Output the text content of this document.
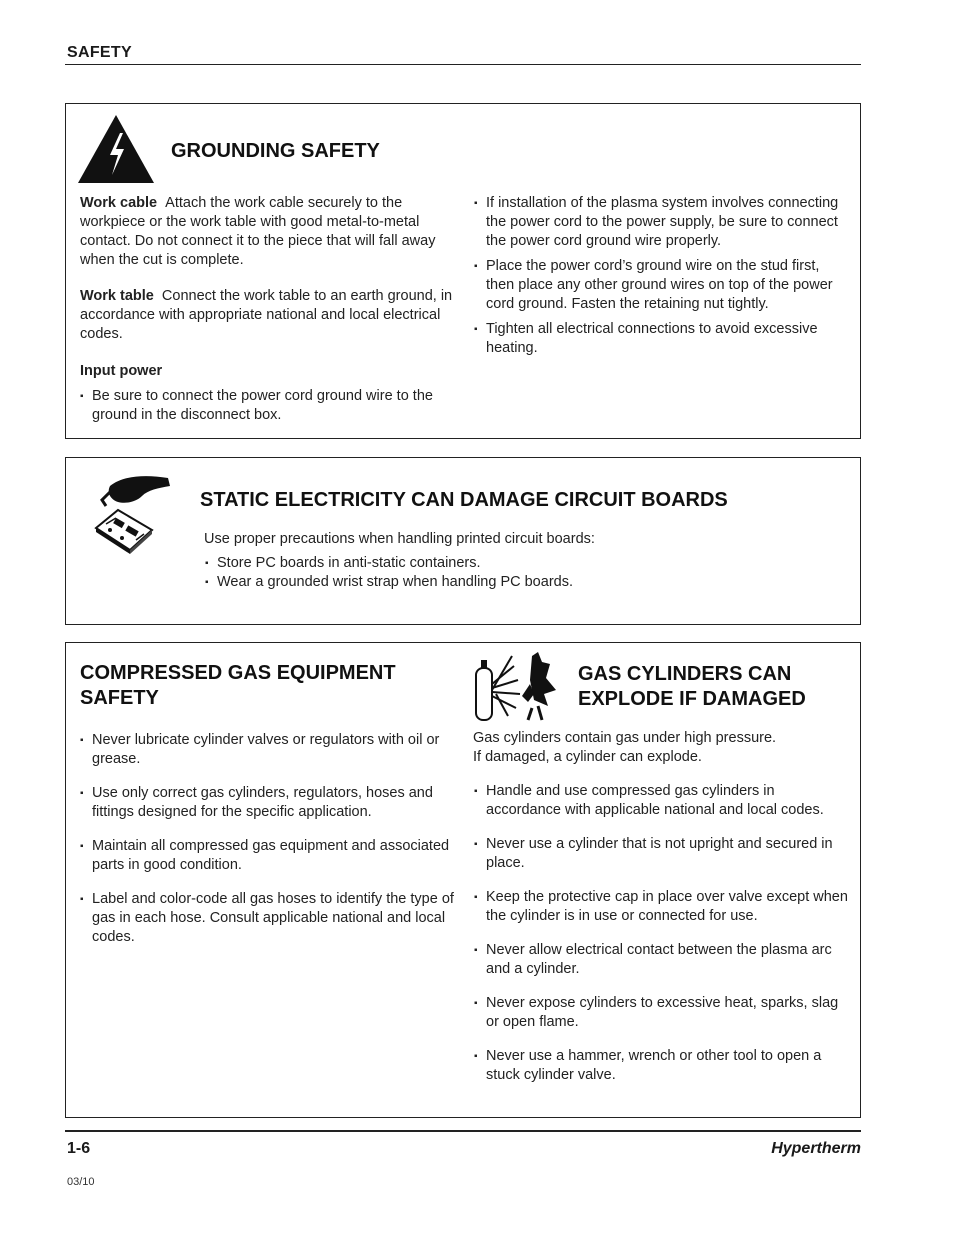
SAFETY
GROUNDING SAFETY
Work cable Attach the work cable securely to the workpiece or the work table with good metal-to-metal contact. Do not connect it to the piece that will fall away when the cut is complete.
Work table Connect the work table to an earth ground, in accordance with appropriate national and local electrical codes.
Input power
▪ Be sure to connect the power cord ground wire to the ground in the disconnect box.
▪ If installation of the plasma system involves connecting the power cord to the power supply, be sure to connect the power cord ground wire properly.
▪ Place the power cord’s ground wire on the stud first, then place any other ground wires on top of the power cord ground. Fasten the retaining nut tightly.
▪ Tighten all electrical connections to avoid excessive heating.
STATIC ELECTRICITY CAN DAMAGE CIRCUIT BOARDS
Use proper precautions when handling printed circuit boards:
▪ Store PC boards in anti-static containers.
▪ Wear a grounded wrist strap when handling PC boards.
COMPRESSED GAS EQUIPMENT
SAFETY
▪ Never lubricate cylinder valves or regulators with oil or grease.
▪ Use only correct gas cylinders, regulators, hoses and fittings designed for the specific application.
▪ Maintain all compressed gas equipment and associated parts in good condition.
▪ Label and color-code all gas hoses to identify the type of gas in each hose. Consult applicable national and local codes.
GAS CYLINDERS CAN
EXPLODE IF DAMAGED
Gas cylinders contain gas under high pressure.
If damaged, a cylinder can explode.
▪ Handle and use compressed gas cylinders in accordance with applicable national and local codes.
▪ Never use a cylinder that is not upright and secured in place.
▪ Keep the protective cap in place over valve except when the cylinder is in use or connected for use.
▪ Never allow electrical contact between the plasma arc and a cylinder.
▪ Never expose cylinders to excessive heat, sparks, slag or open flame.
▪ Never use a hammer, wrench or other tool to open a stuck cylinder valve.
1-6	Hypertherm
03/10
